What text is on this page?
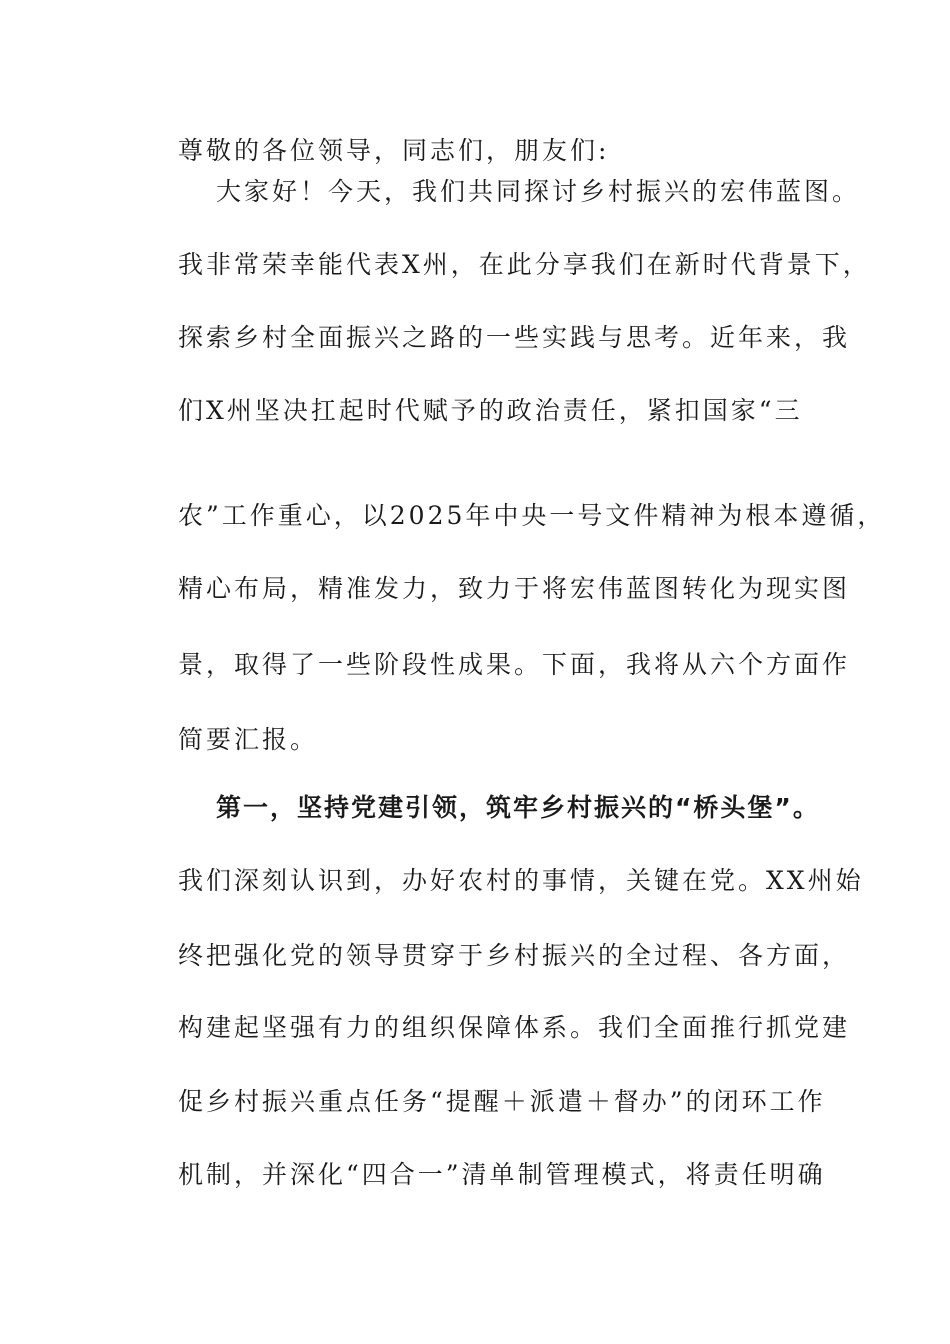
尊敬的各位领导，同志们，朋友们:
大家好！今天，我们共同探讨乡村振兴的宏伟蓝图。
我非常荣幸能代表X州，在此分享我们在新时代背景下，
探索乡村全面振兴之路的一些实践与思考。近年来，我
们X州坚决扛起时代赋予的政治责任，紧扣国家“三
农”工作重心，以2025年中央一号文件精神为根本遵循，
精心布局，精准发力，致力于将宏伟蓝图转化为现实图
景，取得了一些阶段性成果。下面，我将从六个方面作
简要汇报。
第一，坚持党建引领，筑牢乡村振兴的“桥头堡”。
我们深刻认识到，办好农村的事情，关键在党。XX州始
终把强化党的领导贯穿于乡村振兴的全过程、各方面，
构建起坚强有力的组织保障体系。我们全面推行抓党建
促乡村振兴重点任务“提醒＋派遣＋督办”的闭环工作
机制，并深化“四合一”清单制管理模式，将责任明确
